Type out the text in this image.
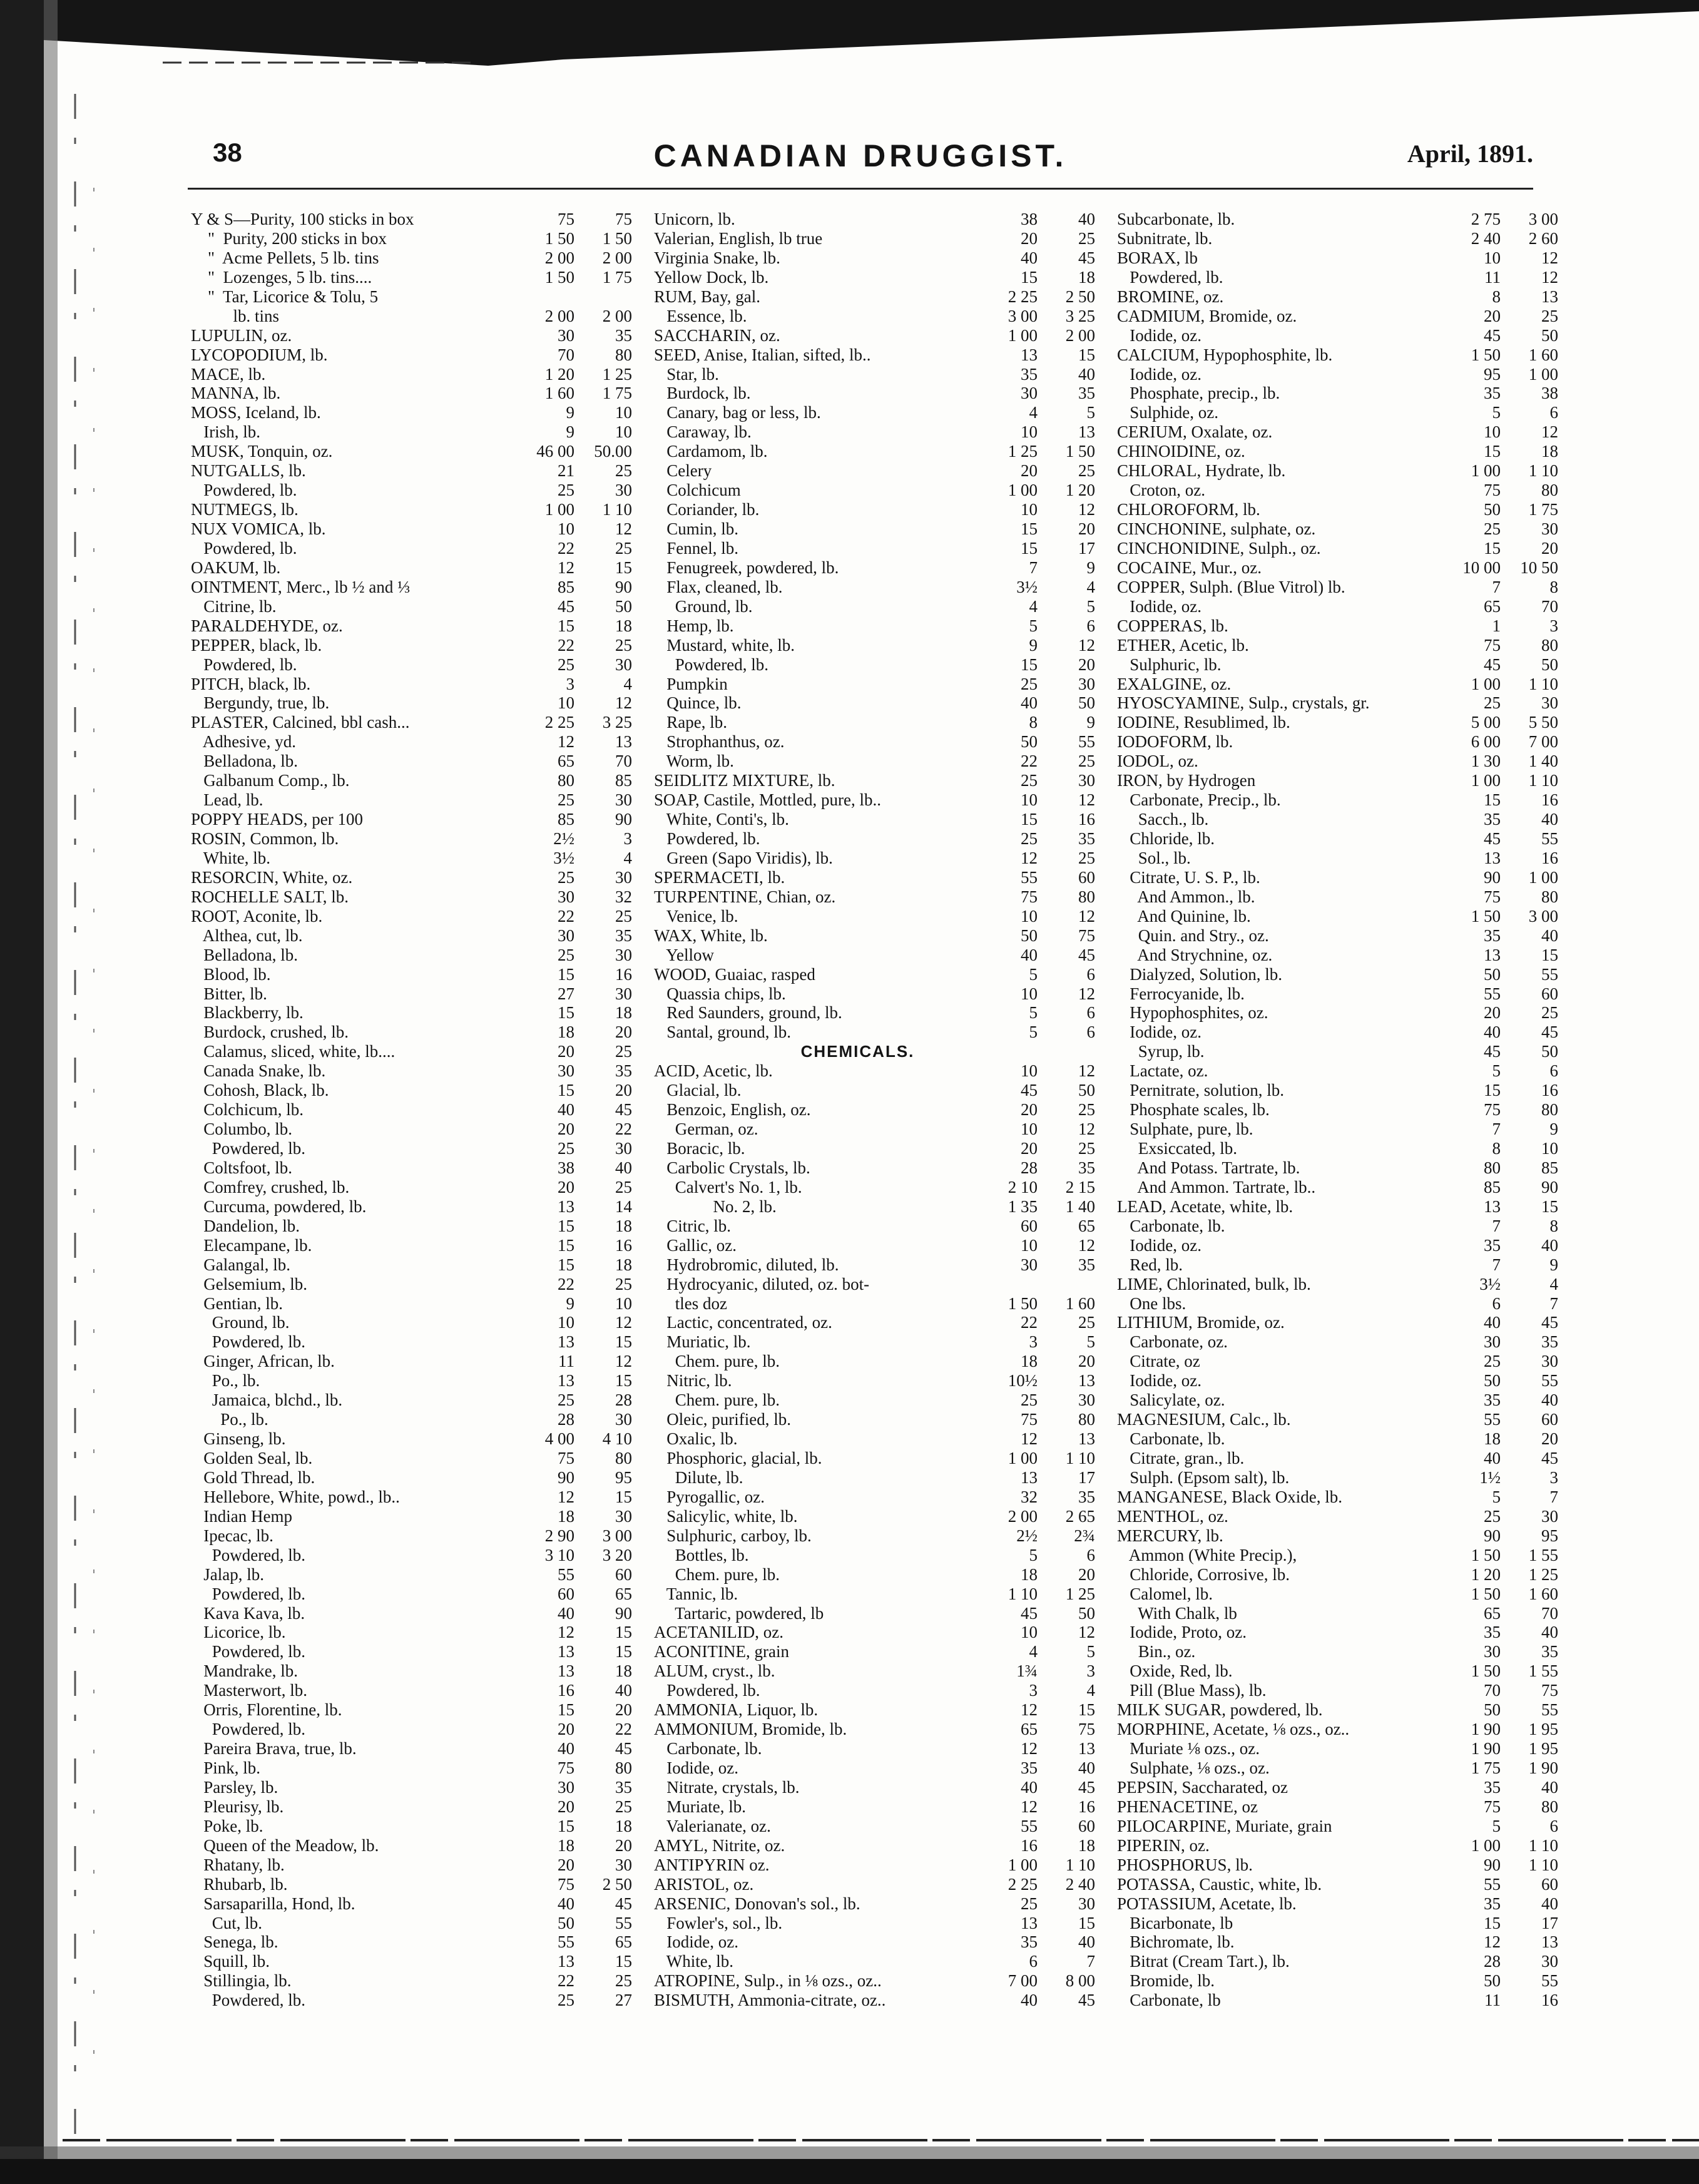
38	CANADIAN DRUGGIST.	April, 1891.
Y & S—Purity, 100 sticks in box	75	75
"  Purity, 200 sticks in box	1 50	1 50
"  Acme Pellets, 5 lb. tins	2 00	2 00
"  Lozenges, 5 lb. tins....	1 50	1 75
"  Tar, Licorice & Tolu, 5
lb. tins	2 00	2 00
LUPULIN, oz.	30	35
LYCOPODIUM, lb.	70	80
MACE, lb.	1 20	1 25
MANNA, lb.	1 60	1 75
MOSS, Iceland, lb.	9	10
Irish, lb.	9	10
MUSK, Tonquin, oz.	46 00	50.00
NUTGALLS, lb.	21	25
Powdered, lb.	25	30
NUTMEGS, lb.	1 00	1 10
NUX VOMICA, lb.	10	12
Powdered, lb.	22	25
OAKUM, lb.	12	15
OINTMENT, Merc., lb ½ and ⅓	85	90
Citrine, lb.	45	50
PARALDEHYDE, oz.	15	18
PEPPER, black, lb.	22	25
Powdered, lb.	25	30
PITCH, black, lb.	3	4
Bergundy, true, lb.	10	12
PLASTER, Calcined, bbl cash...	2 25	3 25
Adhesive, yd.	12	13
Belladona, lb.	65	70
Galbanum Comp., lb.	80	85
Lead, lb.	25	30
POPPY HEADS, per 100	85	90
ROSIN, Common, lb.	2½	3
White, lb.	3½	4
RESORCIN, White, oz.	25	30
ROCHELLE SALT, lb.	30	32
ROOT, Aconite, lb.	22	25
Althea, cut, lb.	30	35
Belladona, lb.	25	30
Blood, lb.	15	16
Bitter, lb.	27	30
Blackberry, lb.	15	18
Burdock, crushed, lb.	18	20
Calamus, sliced, white, lb....	20	25
Canada Snake, lb.	30	35
Cohosh, Black, lb.	15	20
Colchicum, lb.	40	45
Columbo, lb.	20	22
Powdered, lb.	25	30
Coltsfoot, lb.	38	40
Comfrey, crushed, lb.	20	25
Curcuma, powdered, lb.	13	14
Dandelion, lb.	15	18
Elecampane, lb.	15	16
Galangal, lb.	15	18
Gelsemium, lb.	22	25
Gentian, lb.	9	10
Ground, lb.	10	12
Powdered, lb.	13	15
Ginger, African, lb.	11	12
Po., lb.	13	15
Jamaica, blchd., lb.	25	28
Po., lb.	28	30
Ginseng, lb.	4 00	4 10
Golden Seal, lb.	75	80
Gold Thread, lb.	90	95
Hellebore, White, powd., lb..	12	15
Indian Hemp	18	30
Ipecac, lb.	2 90	3 00
Powdered, lb.	3 10	3 20
Jalap, lb.	55	60
Powdered, lb.	60	65
Kava Kava, lb.	40	90
Licorice, lb.	12	15
Powdered, lb.	13	15
Mandrake, lb.	13	18
Masterwort, lb.	16	40
Orris, Florentine, lb.	15	20
Powdered, lb.	20	22
Pareira Brava, true, lb.	40	45
Pink, lb.	75	80
Parsley, lb.	30	35
Pleurisy, lb.	20	25
Poke, lb.	15	18
Queen of the Meadow, lb.	18	20
Rhatany, lb.	20	30
Rhubarb, lb.	75	2 50
Sarsaparilla, Hond, lb.	40	45
Cut, lb.	50	55
Senega, lb.	55	65
Squill, lb.	13	15
Stillingia, lb.	22	25
Powdered, lb.	25	27
Unicorn, lb.	38	40
Valerian, English, lb true	20	25
Virginia Snake, lb.	40	45
Yellow Dock, lb.	15	18
RUM, Bay, gal.	2 25	2 50
Essence, lb.	3 00	3 25
SACCHARIN, oz.	1 00	2 00
SEED, Anise, Italian, sifted, lb..	13	15
Star, lb.	35	40
Burdock, lb.	30	35
Canary, bag or less, lb.	4	5
Caraway, lb.	10	13
Cardamom, lb.	1 25	1 50
Celery	20	25
Colchicum	1 00	1 20
Coriander, lb.	10	12
Cumin, lb.	15	20
Fennel, lb.	15	17
Fenugreek, powdered, lb.	7	9
Flax, cleaned, lb.	3½	4
Ground, lb.	4	5
Hemp, lb.	5	6
Mustard, white, lb.	9	12
Powdered, lb.	15	20
Pumpkin	25	30
Quince, lb.	40	50
Rape, lb.	8	9
Strophanthus, oz.	50	55
Worm, lb.	22	25
SEIDLITZ MIXTURE, lb.	25	30
SOAP, Castile, Mottled, pure, lb..	10	12
White, Conti's, lb.	15	16
Powdered, lb.	25	35
Green (Sapo Viridis), lb.	12	25
SPERMACETI, lb.	55	60
TURPENTINE, Chian, oz.	75	80
Venice, lb.	10	12
WAX, White, lb.	50	75
Yellow	40	45
WOOD, Guaiac, rasped	5	6
Quassia chips, lb.	10	12
Red Saunders, ground, lb.	5	6
Santal, ground, lb.	5	6
CHEMICALS.
ACID, Acetic, lb.	10	12
Glacial, lb.	45	50
Benzoic, English, oz.	20	25
German, oz.	10	12
Boracic, lb.	20	25
Carbolic Crystals, lb.	28	35
Calvert's No. 1, lb.	2 10	2 15
No. 2, lb.	1 35	1 40
Citric, lb.	60	65
Gallic, oz.	10	12
Hydrobromic, diluted, lb.	30	35
Hydrocyanic, diluted, oz. bot-
tles doz	1 50	1 60
Lactic, concentrated, oz.	22	25
Muriatic, lb.	3	5
Chem. pure, lb.	18	20
Nitric, lb.	10½	13
Chem. pure, lb.	25	30
Oleic, purified, lb.	75	80
Oxalic, lb.	12	13
Phosphoric, glacial, lb.	1 00	1 10
Dilute, lb.	13	17
Pyrogallic, oz.	32	35
Salicylic, white, lb.	2 00	2 65
Sulphuric, carboy, lb.	2½	2¾
Bottles, lb.	5	6
Chem. pure, lb.	18	20
Tannic, lb.	1 10	1 25
Tartaric, powdered, lb	45	50
ACETANILID, oz.	10	12
ACONITINE, grain	4	5
ALUM, cryst., lb.	1¾	3
Powdered, lb.	3	4
AMMONIA, Liquor, lb.	12	15
AMMONIUM, Bromide, lb.	65	75
Carbonate, lb.	12	13
Iodide, oz.	35	40
Nitrate, crystals, lb.	40	45
Muriate, lb.	12	16
Valerianate, oz.	55	60
AMYL, Nitrite, oz.	16	18
ANTIPYRIN oz.	1 00	1 10
ARISTOL, oz.	2 25	2 40
ARSENIC, Donovan's sol., lb.	25	30
Fowler's, sol., lb.	13	15
Iodide, oz.	35	40
White, lb.	6	7
ATROPINE, Sulp., in ⅛ ozs., oz..	7 00	8 00
BISMUTH, Ammonia-citrate, oz..	40	45
Subcarbonate, lb.	2 75	3 00
Subnitrate, lb.	2 40	2 60
BORAX, lb	10	12
Powdered, lb.	11	12
BROMINE, oz.	8	13
CADMIUM, Bromide, oz.	20	25
Iodide, oz.	45	50
CALCIUM, Hypophosphite, lb.	1 50	1 60
Iodide, oz.	95	1 00
Phosphate, precip., lb.	35	38
Sulphide, oz.	5	6
CERIUM, Oxalate, oz.	10	12
CHINOIDINE, oz.	15	18
CHLORAL, Hydrate, lb.	1 00	1 10
Croton, oz.	75	80
CHLOROFORM, lb.	50	1 75
CINCHONINE, sulphate, oz.	25	30
CINCHONIDINE, Sulph., oz.	15	20
COCAINE, Mur., oz.	10 00	10 50
COPPER, Sulph. (Blue Vitrol) lb.	7	8
Iodide, oz.	65	70
COPPERAS, lb.	1	3
ETHER, Acetic, lb.	75	80
Sulphuric, lb.	45	50
EXALGINE, oz.	1 00	1 10
HYOSCYAMINE, Sulp., crystals, gr.	25	30
IODINE, Resublimed, lb.	5 00	5 50
IODOFORM, lb.	6 00	7 00
IODOL, oz.	1 30	1 40
IRON, by Hydrogen	1 00	1 10
Carbonate, Precip., lb.	15	16
Sacch., lb.	35	40
Chloride, lb.	45	55
Sol., lb.	13	16
Citrate, U. S. P., lb.	90	1 00
And Ammon., lb.	75	80
And Quinine, lb.	1 50	3 00
Quin. and Stry., oz.	35	40
And Strychnine, oz.	13	15
Dialyzed, Solution, lb.	50	55
Ferrocyanide, lb.	55	60
Hypophosphites, oz.	20	25
Iodide, oz.	40	45
Syrup, lb.	45	50
Lactate, oz.	5	6
Pernitrate, solution, lb.	15	16
Phosphate scales, lb.	75	80
Sulphate, pure, lb.	7	9
Exsiccated, lb.	8	10
And Potass. Tartrate, lb.	80	85
And Ammon. Tartrate, lb..	85	90
LEAD, Acetate, white, lb.	13	15
Carbonate, lb.	7	8
Iodide, oz.	35	40
Red, lb.	7	9
LIME, Chlorinated, bulk, lb.	3½	4
One lbs.	6	7
LITHIUM, Bromide, oz.	40	45
Carbonate, oz.	30	35
Citrate, oz	25	30
Iodide, oz.	50	55
Salicylate, oz.	35	40
MAGNESIUM, Calc., lb.	55	60
Carbonate, lb.	18	20
Citrate, gran., lb.	40	45
Sulph. (Epsom salt), lb.	1½	3
MANGANESE, Black Oxide, lb.	5	7
MENTHOL, oz.	25	30
MERCURY, lb.	90	95
Ammon (White Precip.),	1 50	1 55
Chloride, Corrosive, lb.	1 20	1 25
Calomel, lb.	1 50	1 60
With Chalk, lb	65	70
Iodide, Proto, oz.	35	40
Bin., oz.	30	35
Oxide, Red, lb.	1 50	1 55
Pill (Blue Mass), lb.	70	75
MILK SUGAR, powdered, lb.	50	55
MORPHINE, Acetate, ⅛ ozs., oz..	1 90	1 95
Muriate ⅛ ozs., oz.	1 90	1 95
Sulphate, ⅛ ozs., oz.	1 75	1 90
PEPSIN, Saccharated, oz	35	40
PHENACETINE, oz	75	80
PILOCARPINE, Muriate, grain	5	6
PIPERIN, oz.	1 00	1 10
PHOSPHORUS, lb.	90	1 10
POTASSA, Caustic, white, lb.	55	60
POTASSIUM, Acetate, lb.	35	40
Bicarbonate, lb	15	17
Bichromate, lb.	12	13
Bitrat (Cream Tart.), lb.	28	30
Bromide, lb.	50	55
Carbonate, lb	11	16
